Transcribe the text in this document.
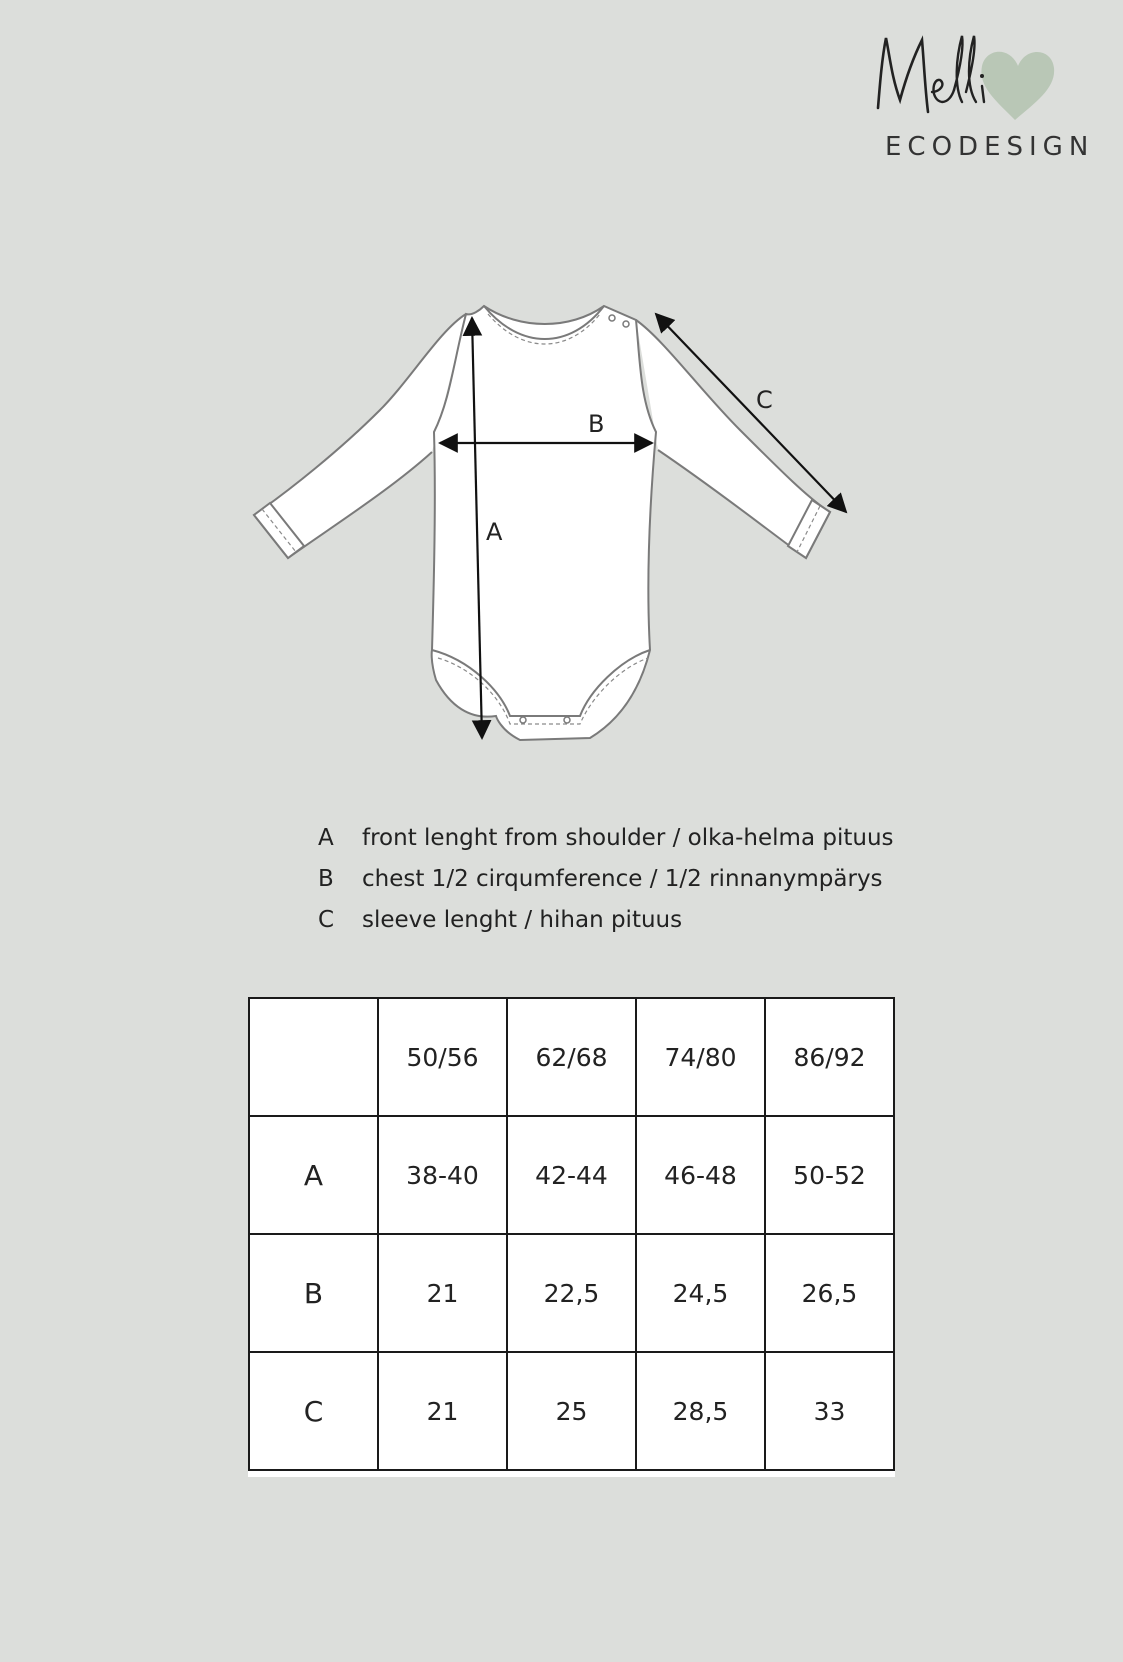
ECODESIGN
A
B
C
A front lenght from shoulder / olka-helma pituus
B chest 1/2 cirqumference / 1/2 rinnanympärys
C sleeve lenght / hihan pituus
	50/56	62/68	74/80	86/92
A	38-40	42-44	46-48	50-52
B	21	22,5	24,5	26,5
C	21	25	28,5	33
